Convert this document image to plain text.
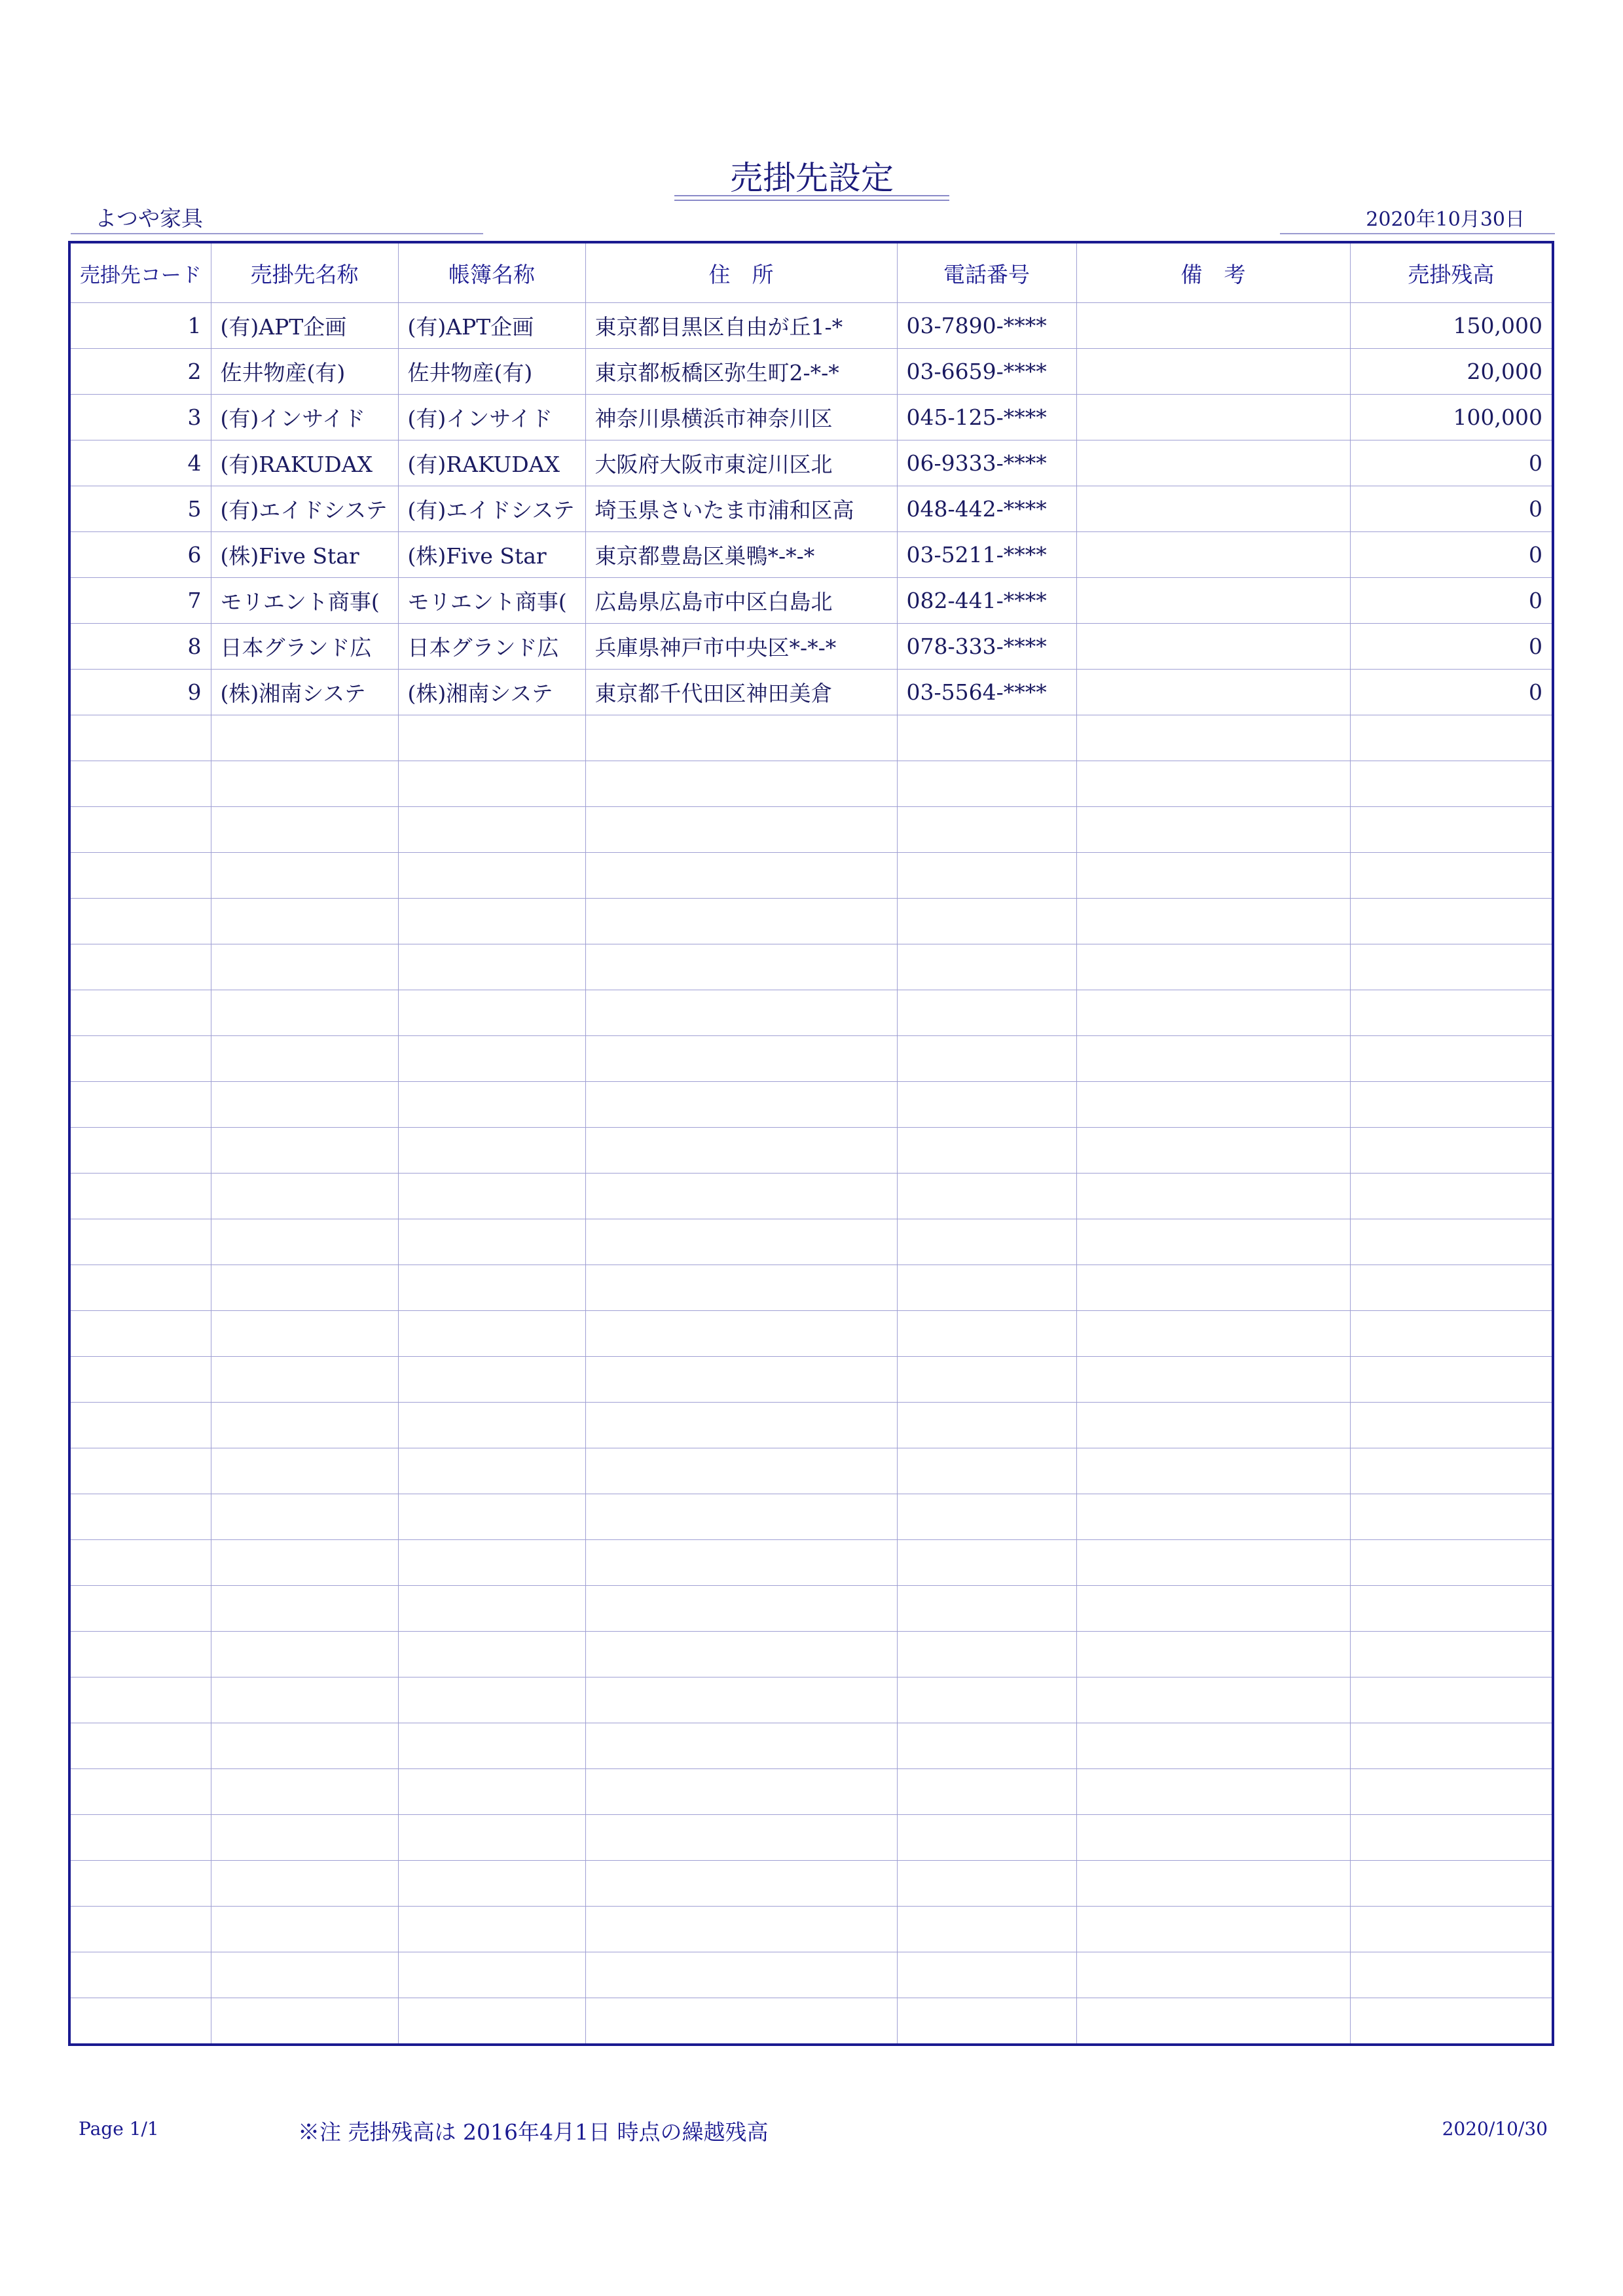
売掛先設定
よつや家具	2020年10月30日
売掛先コード	売掛先名称	帳簿名称	住　所	電話番号	備　考	売掛残高
1	(有)APT企画	(有)APT企画	東京都目黒区自由が丘1-*	03-7890-****		150,000
2	佐井物産(有)	佐井物産(有)	東京都板橋区弥生町2-*-*	03-6659-****		20,000
3	(有)インサイド	(有)インサイド	神奈川県横浜市神奈川区	045-125-****		100,000
4	(有)RAKUDAX	(有)RAKUDAX	大阪府大阪市東淀川区北	06-9333-****		0
5	(有)エイドシステ	(有)エイドシステ	埼玉県さいたま市浦和区高	048-442-****		0
6	(株)Five Star	(株)Five Star	東京都豊島区巣鴨*-*-*	03-5211-****		0
7	モリエント商事(	モリエント商事(	広島県広島市中区白島北	082-441-****		0
8	日本グランド広	日本グランド広	兵庫県神戸市中央区*-*-*	078-333-****		0
9	(株)湘南システ	(株)湘南システ	東京都千代田区神田美倉	03-5564-****		0

Page 1/1	※注 売掛残高は 2016年4月1日 時点の繰越残高	2020/10/30
